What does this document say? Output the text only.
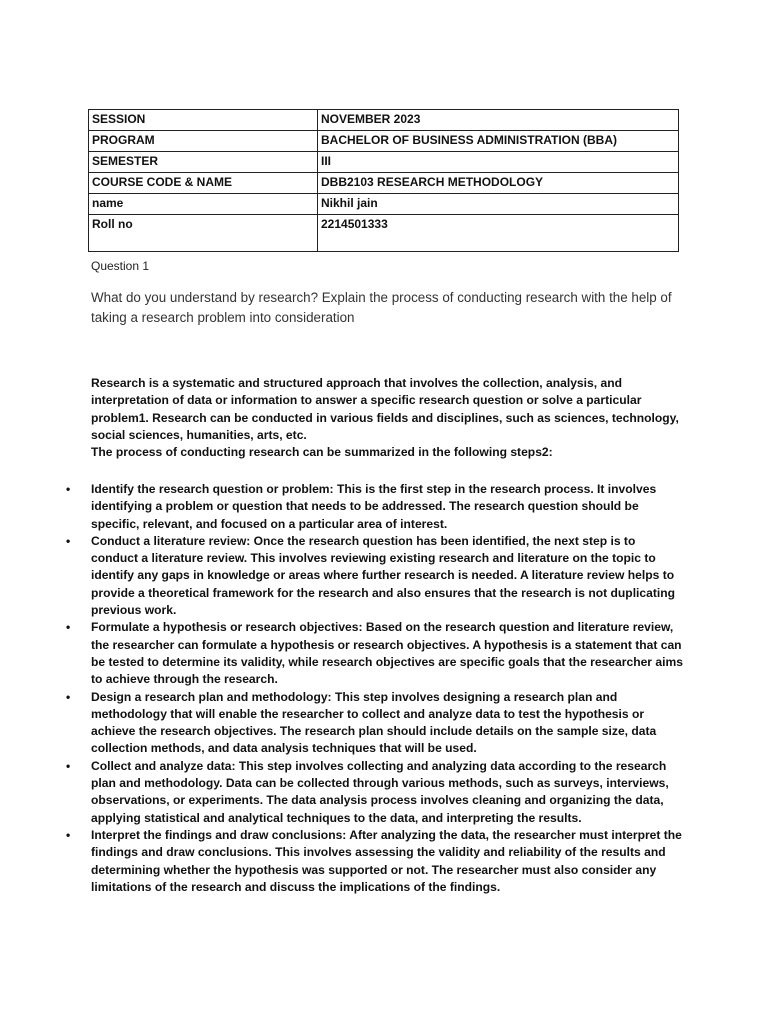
SESSION	NOVEMBER 2023
PROGRAM	BACHELOR OF BUSINESS ADMINISTRATION (BBA)
SEMESTER	III
COURSE CODE & NAME	DBB2103 RESEARCH METHODOLOGY
name	Nikhil jain
Roll no	2214501333
Question 1
What do you understand by research? Explain the process of conducting research with the help of taking a research problem into consideration

Research is a systematic and structured approach that involves the collection, analysis, and interpretation of data or information to answer a specific research question or solve a particular problem1. Research can be conducted in various fields and disciplines, such as sciences, technology, social sciences, humanities, arts, etc.

The process of conducting research can be summarized in the following steps2:

• Identify the research question or problem: This is the first step in the research process. It involves identifying a problem or question that needs to be addressed. The research question should be specific, relevant, and focused on a particular area of interest.
• Conduct a literature review: Once the research question has been identified, the next step is to conduct a literature review. This involves reviewing existing research and literature on the topic to identify any gaps in knowledge or areas where further research is needed. A literature review helps to provide a theoretical framework for the research and also ensures that the research is not duplicating previous work.
• Formulate a hypothesis or research objectives: Based on the research question and literature review, the researcher can formulate a hypothesis or research objectives. A hypothesis is a statement that can be tested to determine its validity, while research objectives are specific goals that the researcher aims to achieve through the research.
• Design a research plan and methodology: This step involves designing a research plan and methodology that will enable the researcher to collect and analyze data to test the hypothesis or achieve the research objectives. The research plan should include details on the sample size, data collection methods, and data analysis techniques that will be used.
• Collect and analyze data: This step involves collecting and analyzing data according to the research plan and methodology. Data can be collected through various methods, such as surveys, interviews, observations, or experiments. The data analysis process involves cleaning and organizing the data, applying statistical and analytical techniques to the data, and interpreting the results.
• Interpret the findings and draw conclusions: After analyzing the data, the researcher must interpret the findings and draw conclusions. This involves assessing the validity and reliability of the results and determining whether the hypothesis was supported or not. The researcher must also consider any limitations of the research and discuss the implications of the findings.
